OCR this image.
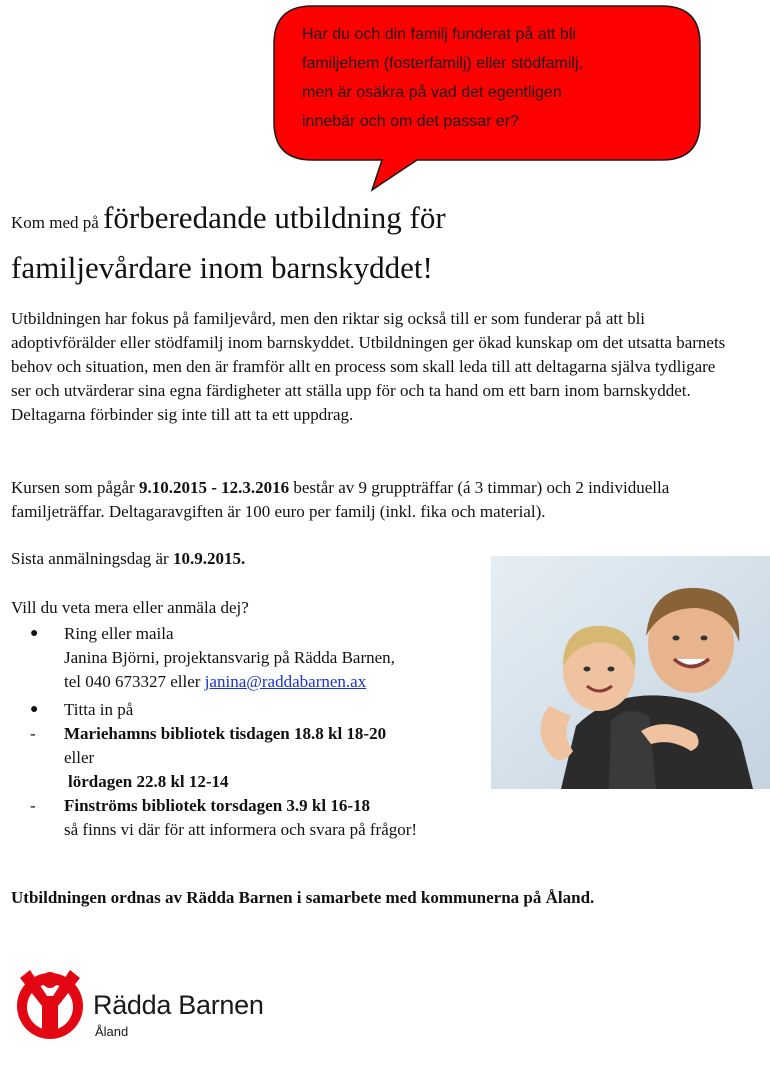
Har du och din familj funderat på att bli
familjehem (fosterfamilj) eller stödfamilj,
men är osäkra på vad det egentligen
innebär och om det passar er?
Kom med på förberedande utbildning för
familjevårdare inom barnskyddet!

Utbildningen har fokus på familjevård, men den riktar sig också till er som funderar på att bli adoptivförälder eller stödfamilj inom barnskyddet. Utbildningen ger ökad kunskap om det utsatta barnets behov och situation, men den är framför allt en process som skall leda till att deltagarna själva tydligare ser och utvärderar sina egna färdigheter att ställa upp för och ta hand om ett barn inom barnskyddet. Deltagarna förbinder sig inte till att ta ett uppdrag.

Kursen som pågår 9.10.2015 - 12.3.2016 består av 9 gruppträffar (á 3 timmar) och 2 individuella familjeträffar. Deltagaravgiften är 100 euro per familj (inkl. fika och material).

Sista anmälningsdag är 10.9.2015.

Vill du veta mera eller anmäla dej?

●	Ring eller maila
Janina Björni, projektansvarig på Rädda Barnen,
tel 040 673327 eller janina@raddabarnen.ax
●	Titta in på
-	Mariehamns bibliotek tisdagen 18.8 kl 18-20
eller
lördagen 22.8 kl 12-14
-	Finströms bibliotek torsdagen 3.9 kl 16-18
så finns vi där för att informera och svara på frågor!

Utbildningen ordnas av Rädda Barnen i samarbete med kommunerna på Åland.

Rädda Barnen
Åland
